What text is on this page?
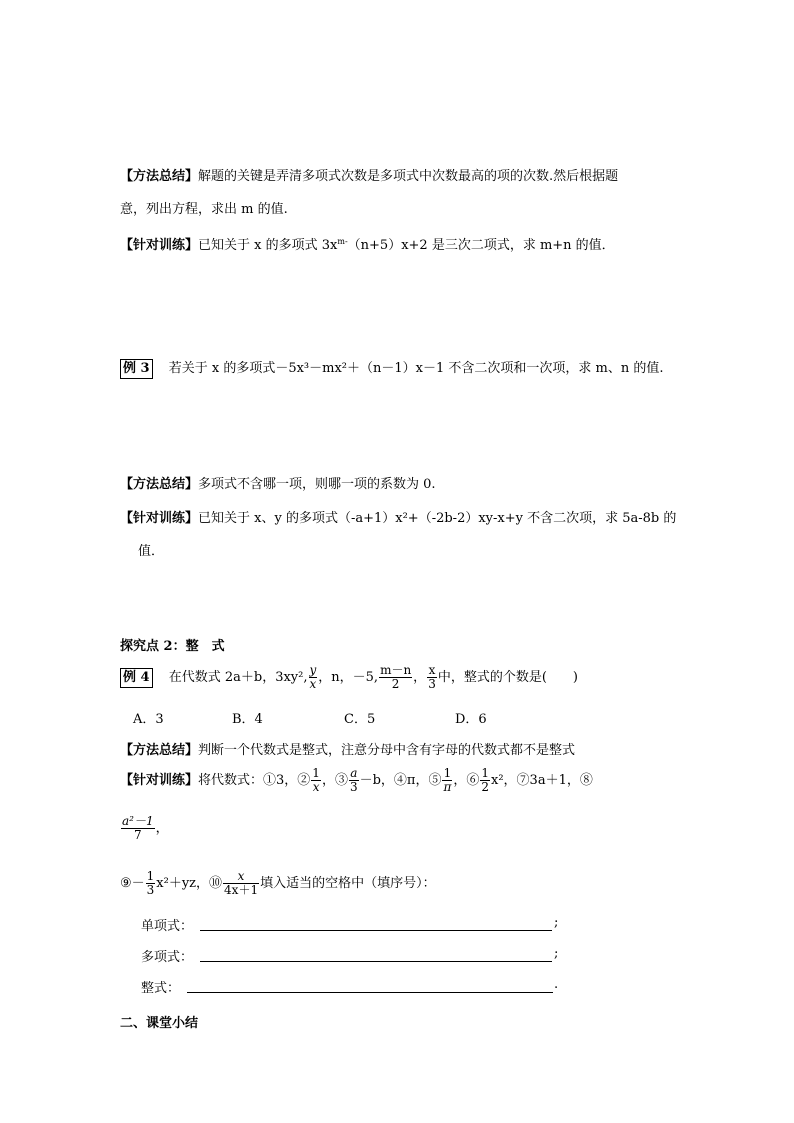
【方法总结】解题的关键是弄清多项式次数是多项式中次数最高的项的次数.然后根据题
意，列出方程，求出 m 的值.
【针对训练】已知关于 x 的多项式 $3x^{m-}(n+5)x+2$ 是三次二项式，求 m+n 的值．
例 3 若关于 x 的多项式－5x³－mx²＋（n－1）x－1 不含二次项和一次项，求 m、n 的值.
【方法总结】多项式不含哪一项，则哪一项的系数为 0.
【针对训练】已知关于 x、y 的多项式（-a+1）x²+（-2b-2）xy-x+y 不含二次项，求 5a-8b 的
值．
探究点 2：整　式
例 4 在代数式 2a＋b，3xy², $\frac{y}{x}$ ，n，－5, $\frac{m-n}{2}$ ， $\frac{x}{3}$ 中，整式的个数是(　　)
A．3	B．4	C．5	D．6
【方法总结】判断一个代数式是整式，注意分母中含有字母的代数式都不是整式
【针对训练】将代数式：①3，② $\frac{1}{x}$ ，③ $\frac{a}{3} -b$，④π，⑤ $\frac{1}{\pi}$ ，⑥ $\frac{1}{2} x^2$，⑦3a＋1，⑧
$\frac{\text{a²－1}}{7}$ ，
⑨－ $\frac{1}{3} x^2+yz$，⑩ $\frac{x}{4x+1}$ 填入适当的空格中（填序号）：
单项式：	;
多项式：	;
整式：	.
二、课堂小结
